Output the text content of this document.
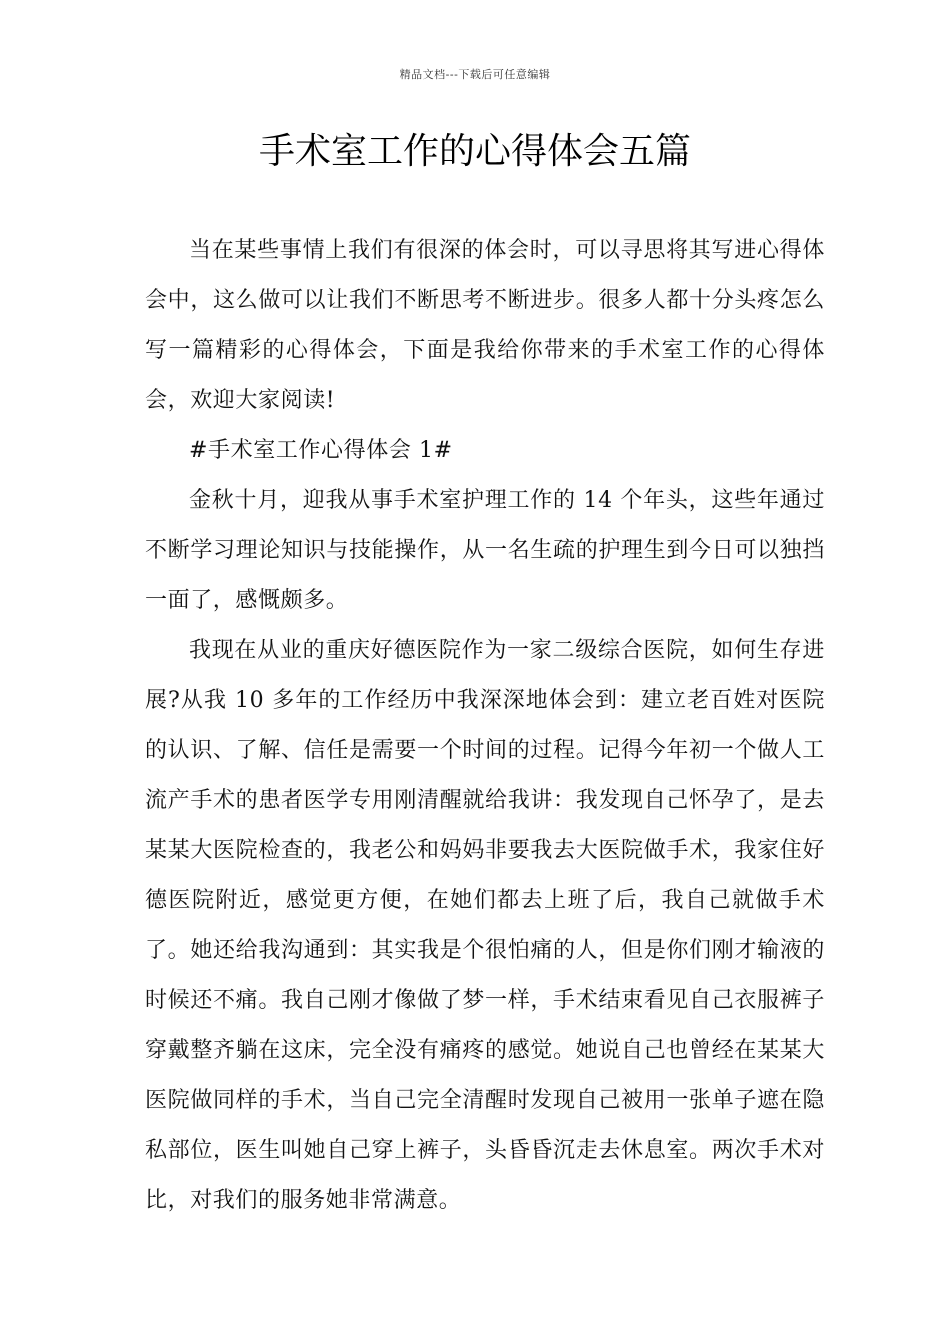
精品文档---下载后可任意编辑
手术室工作的心得体会五篇

当在某些事情上我们有很深的体会时，可以寻思将其写进心得体会中，这么做可以让我们不断思考不断进步。很多人都十分头疼怎么写一篇精彩的心得体会，下面是我给你带来的手术室工作的心得体会，欢迎大家阅读!

#手术室工作心得体会 1#

金秋十月，迎我从事手术室护理工作的 14 个年头，这些年通过不断学习理论知识与技能操作，从一名生疏的护理生到今日可以独挡一面了，感慨颇多。

我现在从业的重庆好德医院作为一家二级综合医院，如何生存进展?从我 10 多年的工作经历中我深深地体会到：建立老百姓对医院的认识、了解、信任是需要一个时间的过程。记得今年初一个做人工流产手术的患者医学专用刚清醒就给我讲：我发现自己怀孕了，是去某某大医院检查的，我老公和妈妈非要我去大医院做手术，我家住好德医院附近，感觉更方便，在她们都去上班了后，我自己就做手术了。她还给我沟通到：其实我是个很怕痛的人，但是你们刚才输液的时候还不痛。我自己刚才像做了梦一样，手术结束看见自己衣服裤子穿戴整齐躺在这床，完全没有痛疼的感觉。她说自己也曾经在某某大医院做同样的手术，当自己完全清醒时发现自己被用一张单子遮在隐私部位，医生叫她自己穿上裤子，头昏昏沉走去休息室。两次手术对比，对我们的服务她非常满意。
